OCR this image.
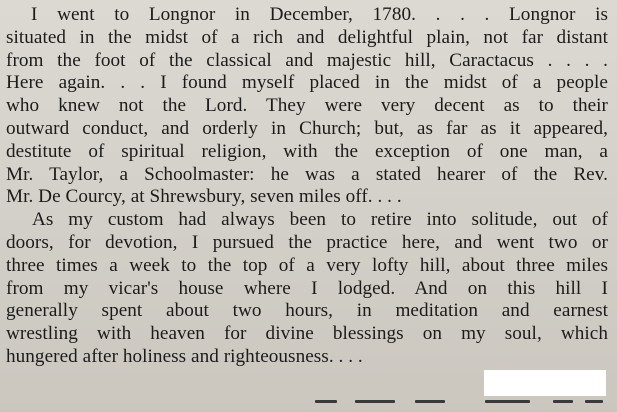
I went to Longnor in December, 1780. . . . Longnor is
situated in the midst of a rich and delightful plain, not far distant
from the foot of the classical and majestic hill, Caractacus . . . .
Here again. . . I found myself placed in the midst of a people
who knew not the Lord. They were very decent as to their
outward conduct, and orderly in Church; but, as far as it appeared,
destitute of spiritual religion, with the exception of one man, a
Mr. Taylor, a Schoolmaster: he was a stated hearer of the Rev.
Mr. De Courcy, at Shrewsbury, seven miles off. . . .
As my custom had always been to retire into solitude, out of
doors, for devotion, I pursued the practice here, and went two or
three times a week to the top of a very lofty hill, about three miles
from my vicar's house where I lodged. And on this hill I
generally spent about two hours, in meditation and earnest
wrestling with heaven for divine blessings on my soul, which
hungered after holiness and righteousness. . . .
